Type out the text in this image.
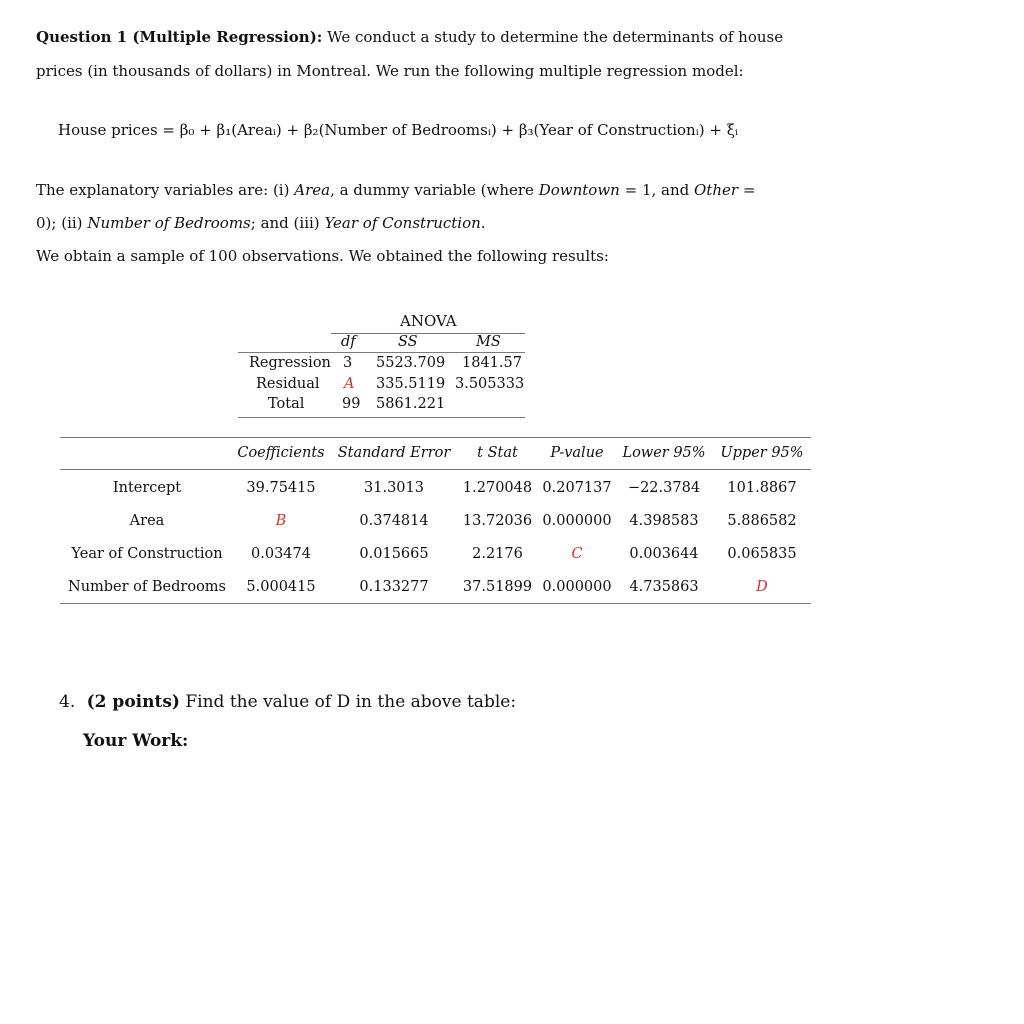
Question 1 (Multiple Regression): We conduct a study to determine the determinants of house
prices (in thousands of dollars) in Montreal. We run the following multiple regression model:
House prices = β₀ + β₁(Areaᵢ) + β₂(Number of Bedroomsᵢ) + β₃(Year of Constructionᵢ) + ξᵢ
The explanatory variables are: (i) Area, a dummy variable (where Downtown = 1, and Other =
0); (ii) Number of Bedrooms; and (iii) Year of Construction.
We obtain a sample of 100 observations. We obtained the following results:
ANOVA
df	SS	MS
Regression 3 5523.709 1841.57
Residual A 335.5119 3.505333
Total	99 5861.221
Coefficients Standard Error	t Stat	P-value	Lower 95%	Upper 95%
Intercept	39.75415	31.3013	1.270048 0.207137	−22.3784	101.8867
Area	B	0.374814	13.72036 0.000000	4.398583	5.886582
Year of Construction	0.03474	0.015665	2.2176	C	0.003644	0.065835
Number of Bedrooms	5.000415	0.133277	37.51899 0.000000	4.735863	D
4. (2 points) Find the value of D in the above table:
Your Work:
